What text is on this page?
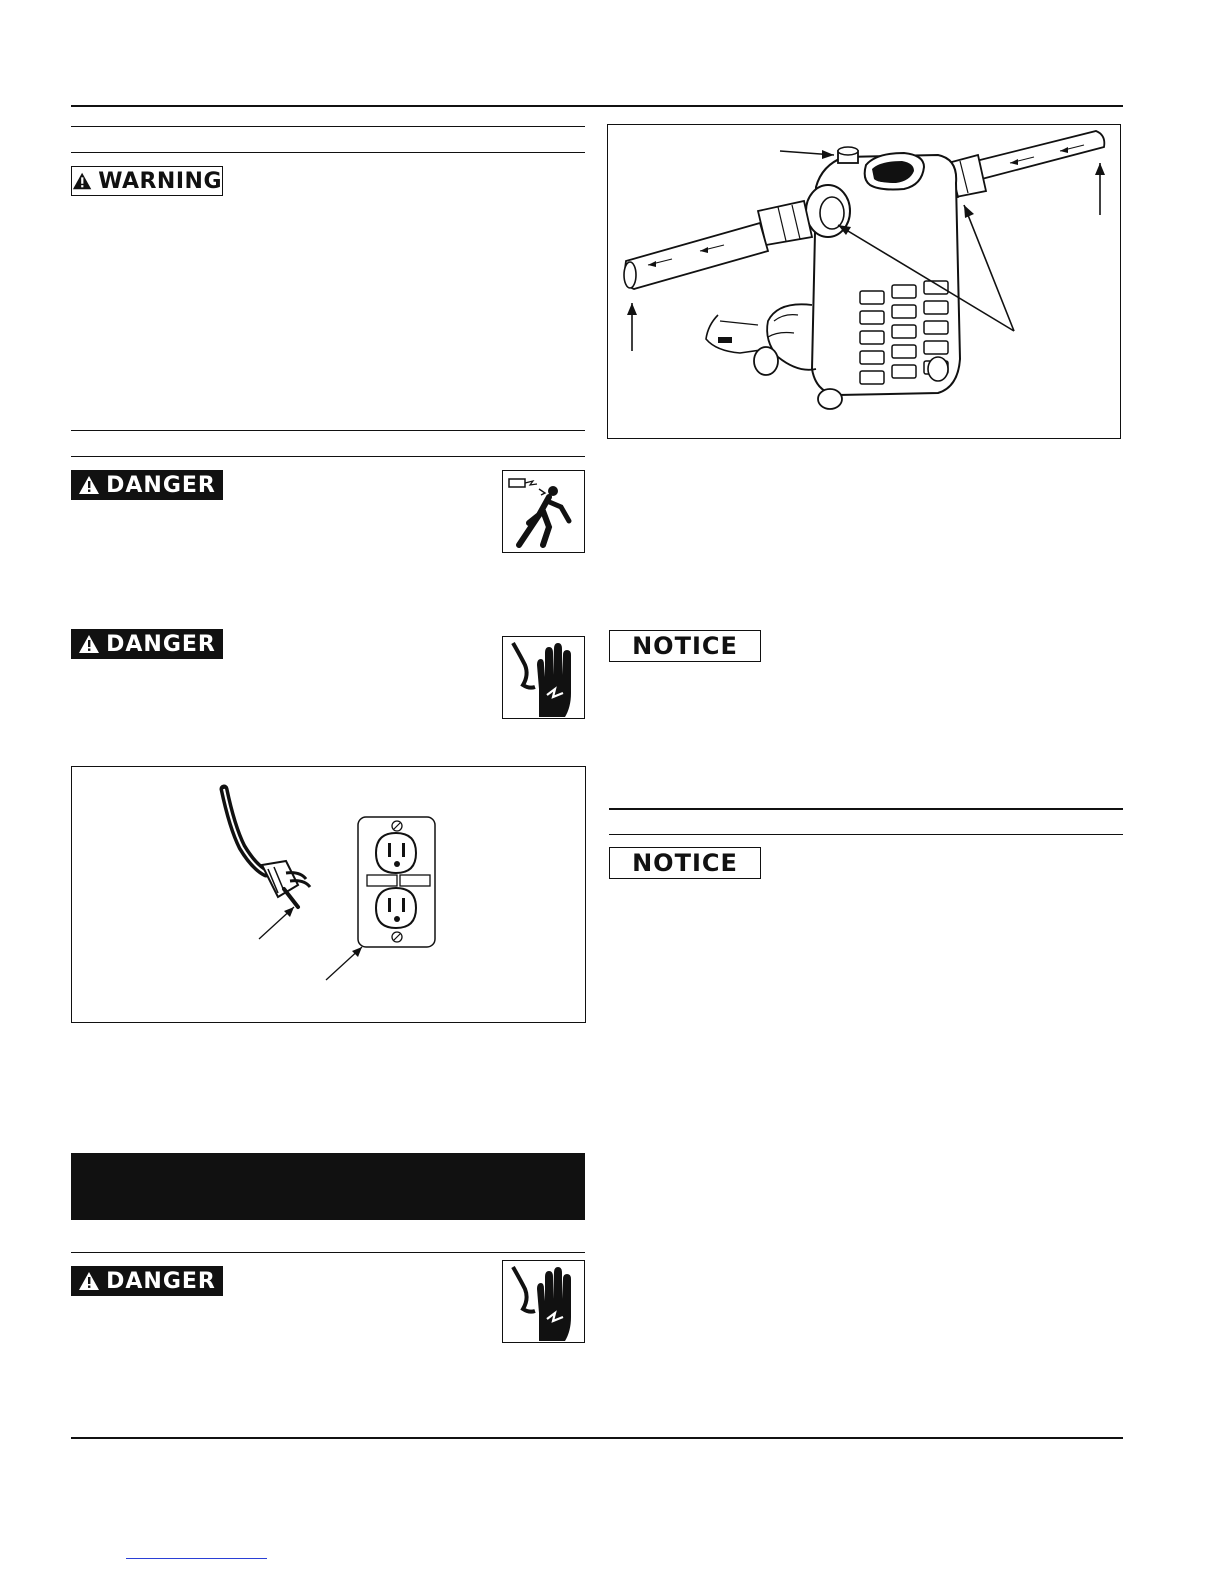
WARNING
DANGER
DANGER
DANGER
NOTICE
NOTICE
